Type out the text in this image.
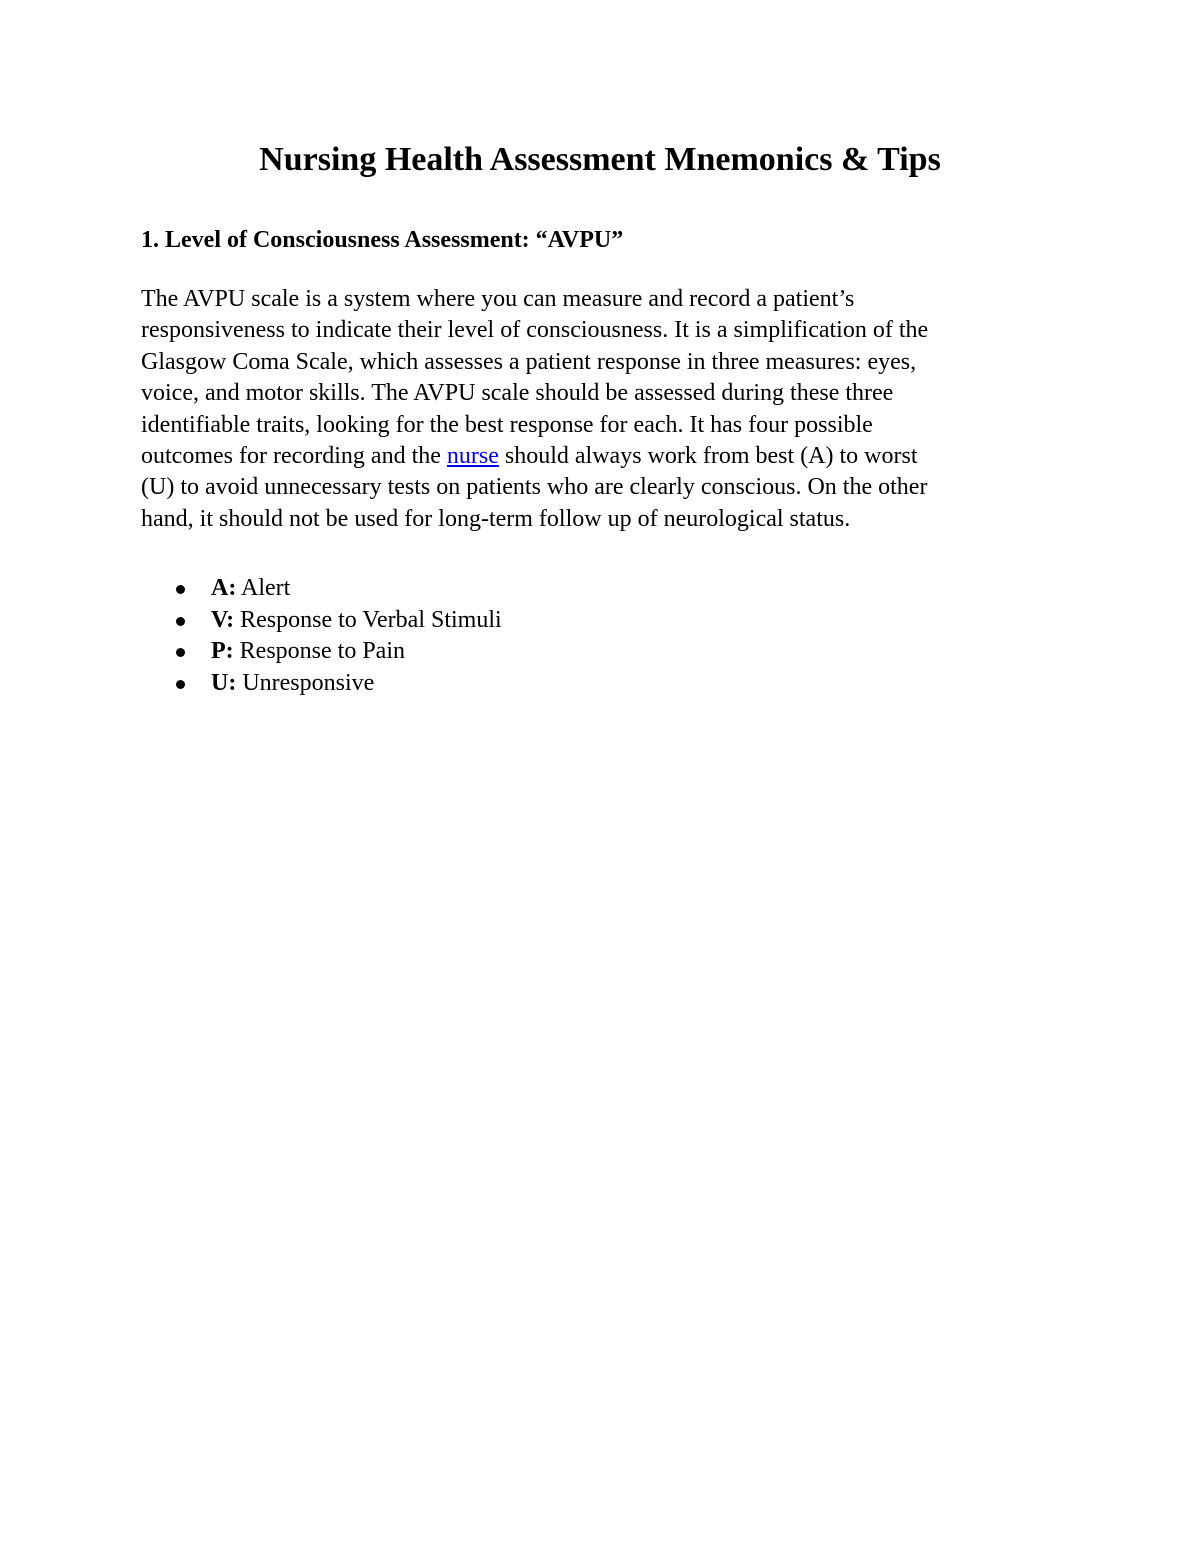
Nursing Health Assessment Mnemonics & Tips
1. Level of Consciousness Assessment: “AVPU”

The AVPU scale is a system where you can measure and record a patient’s
responsiveness to indicate their level of consciousness. It is a simplification of the
Glasgow Coma Scale, which assesses a patient response in three measures: eyes,
voice, and motor skills. The AVPU scale should be assessed during these three
identifiable traits, looking for the best response for each. It has four possible
outcomes for recording and the nurse should always work from best (A) to worst
(U) to avoid unnecessary tests on patients who are clearly conscious. On the other
hand, it should not be used for long-term follow up of neurological status.

A: Alert
V: Response to Verbal Stimuli
P: Response to Pain
U: Unresponsive
